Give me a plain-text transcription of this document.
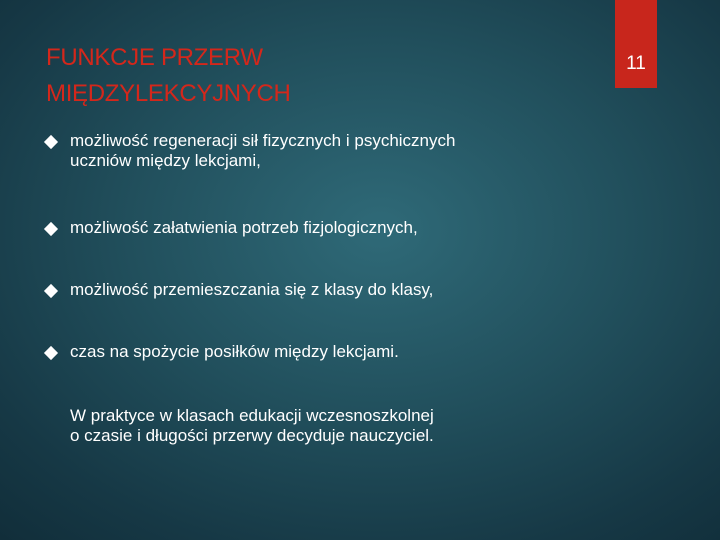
FUNKCJE PRZERW
MIĘDZYLEKCYJNYCH
11
możliwość regeneracji sił fizycznych i psychicznych
uczniów między lekcjami,
możliwość załatwienia potrzeb fizjologicznych,
możliwość przemieszczania się z klasy do klasy,
czas na spożycie posiłków między lekcjami.
W praktyce w klasach edukacji wczesnoszkolnej
o czasie i długości przerwy decyduje nauczyciel.
